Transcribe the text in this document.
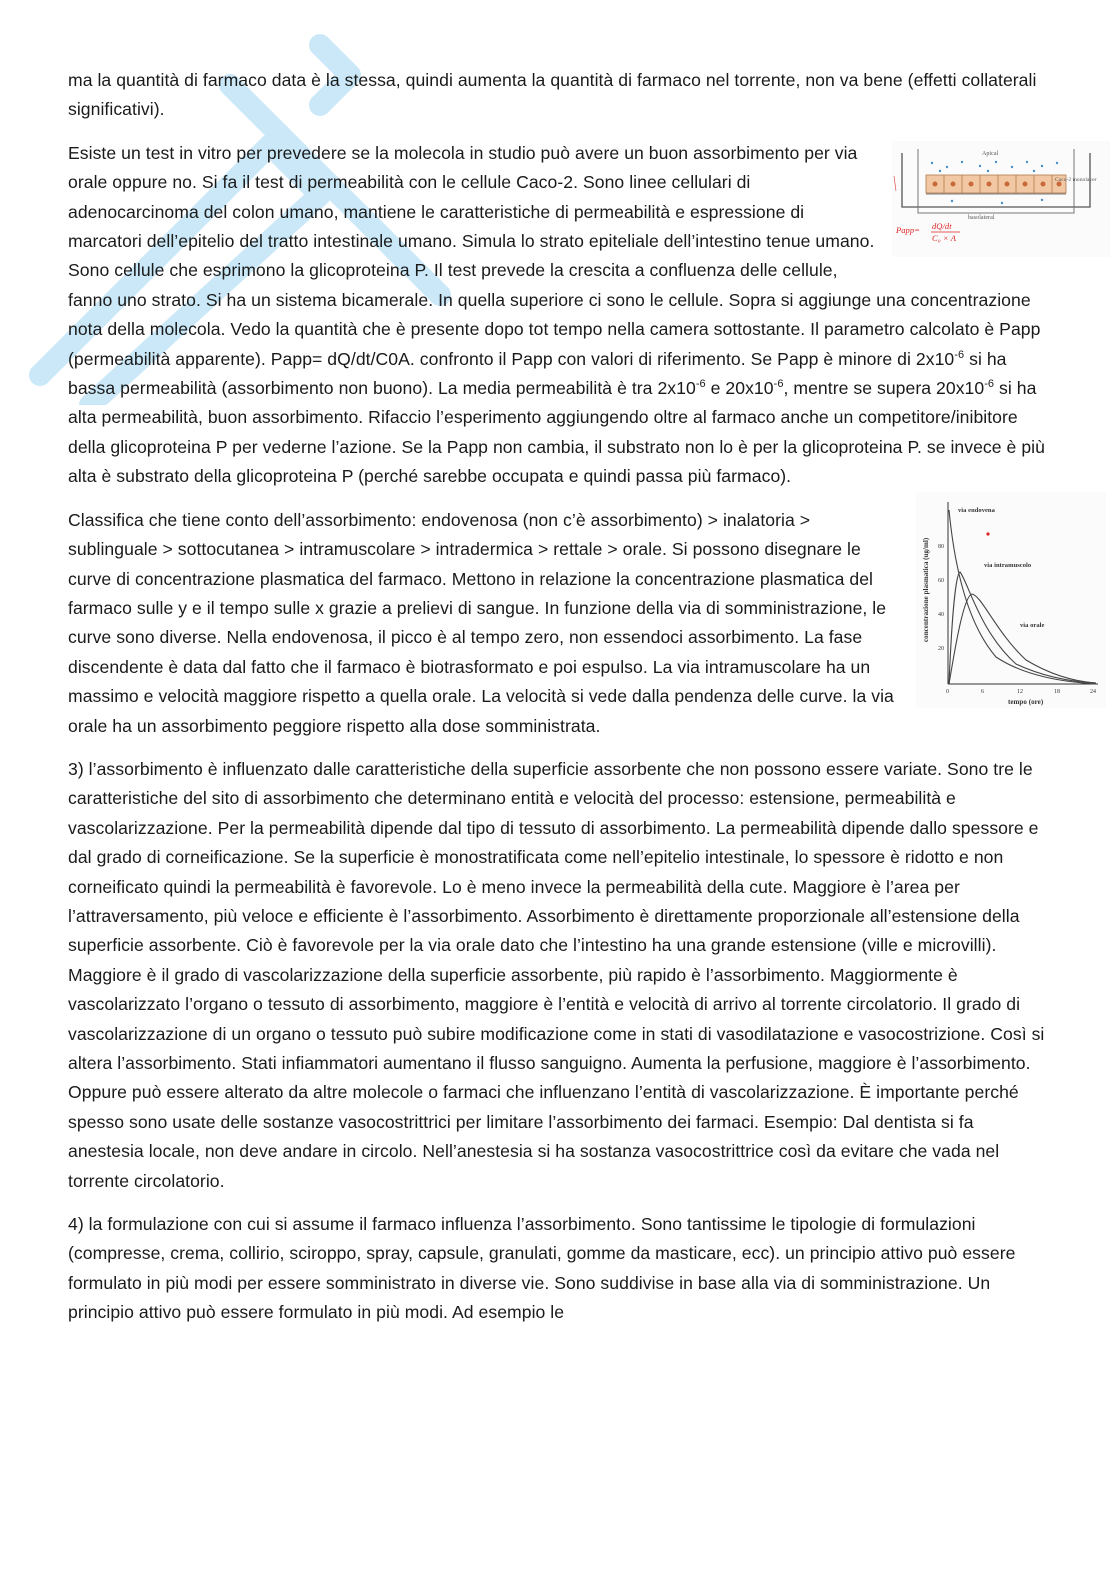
ma la quantità di farmaco data è la stessa, quindi aumenta la quantità di farmaco nel torrente, non va bene (effetti collaterali significativi).

Apical
basolateral
Caco-2 monolayer
Papp= dQ/dt
C₀ × A
Esiste un test in vitro per prevedere se la molecola in studio può avere un buon assorbimento per via orale oppure no. Si fa il test di permeabilità con le cellule Caco-2. Sono linee cellulari di adenocarcinoma del colon umano, mantiene le caratteristiche di permeabilità e espressione di marcatori dell’epitelio del tratto intestinale umano. Simula lo strato epiteliale dell’intestino tenue umano. Sono cellule che esprimono la glicoproteina P. Il test prevede la crescita a confluenza delle cellule, fanno uno strato. Si ha un sistema bicamerale. In quella superiore ci sono le cellule. Sopra si aggiunge una concentrazione nota della molecola. Vedo la quantità che è presente dopo tot tempo nella camera sottostante. Il parametro calcolato è Papp (permeabilità apparente). Papp= dQ/dt/C0A. confronto il Papp con valori di riferimento. Se Papp è minore di $2x10^{-6}$ si ha bassa permeabilità (assorbimento non buono). La media permeabilità è tra $2x10^{-6}$ e $20x10^{-6}$, mentre se supera $20x10^{-6}$ si ha alta permeabilità, buon assorbimento. Rifaccio l’esperimento aggiungendo oltre al farmaco anche un competitore/inibitore della glicoproteina P per vederne l’azione. Se la Papp non cambia, il substrato non lo è per la glicoproteina P. se invece è più alta è substrato della glicoproteina P (perché sarebbe occupata e quindi passa più farmaco).

concentrazione plasmatica (ug/ml) 80
60
40
20
0	6	12	18	24
tempo (ore)
via endovena
via intramuscolo
via orale
Classifica che tiene conto dell’assorbimento: endovenosa (non c’è assorbimento) > inalatoria > sublinguale > sottocutanea > intramuscolare > intradermica > rettale > orale. Si possono disegnare le curve di concentrazione plasmatica del farmaco. Mettono in relazione la concentrazione plasmatica del farmaco sulle y e il tempo sulle x grazie a prelievi di sangue. In funzione della via di somministrazione, le curve sono diverse. Nella endovenosa, il picco è al tempo zero, non essendoci assorbimento. La fase discendente è data dal fatto che il farmaco è biotrasformato e poi espulso. La via intramuscolare ha un massimo e velocità maggiore rispetto a quella orale. La velocità si vede dalla pendenza delle curve. la via orale ha un assorbimento peggiore rispetto alla dose somministrata.

3) l’assorbimento è influenzato dalle caratteristiche della superficie assorbente che non possono essere variate. Sono tre le caratteristiche del sito di assorbimento che determinano entità e velocità del processo: estensione, permeabilità e vascolarizzazione. Per la permeabilità dipende dal tipo di tessuto di assorbimento. La permeabilità dipende dallo spessore e dal grado di corneificazione. Se la superficie è monostratificata come nell’epitelio intestinale, lo spessore è ridotto e non corneificato quindi la permeabilità è favorevole. Lo è meno invece la permeabilità della cute. Maggiore è l’area per l’attraversamento, più veloce e efficiente è l’assorbimento. Assorbimento è direttamente proporzionale all’estensione della superficie assorbente. Ciò è favorevole per la via orale dato che l’intestino ha una grande estensione (ville e microvilli). Maggiore è il grado di vascolarizzazione della superficie assorbente, più rapido è l’assorbimento. Maggiormente è vascolarizzato l’organo o tessuto di assorbimento, maggiore è l’entità e velocità di arrivo al torrente circolatorio. Il grado di vascolarizzazione di un organo o tessuto può subire modificazione come in stati di vasodilatazione e vasocostrizione. Così si altera l’assorbimento. Stati infiammatori aumentano il flusso sanguigno. Aumenta la perfusione, maggiore è l’assorbimento. Oppure può essere alterato da altre molecole o farmaci che influenzano l’entità di vascolarizzazione. È importante perché spesso sono usate delle sostanze vasocostrittrici per limitare l’assorbimento dei farmaci. Esempio: Dal dentista si fa anestesia locale, non deve andare in circolo. Nell’anestesia si ha sostanza vasocostrittrice così da evitare che vada nel torrente circolatorio.

4) la formulazione con cui si assume il farmaco influenza l’assorbimento. Sono tantissime le tipologie di formulazioni (compresse, crema, collirio, sciroppo, spray, capsule, granulati, gomme da masticare, ecc). un principio attivo può essere formulato in più modi per essere somministrato in diverse vie. Sono suddivise in base alla via di somministrazione. Un principio attivo può essere formulato in più modi. Ad esempio le
